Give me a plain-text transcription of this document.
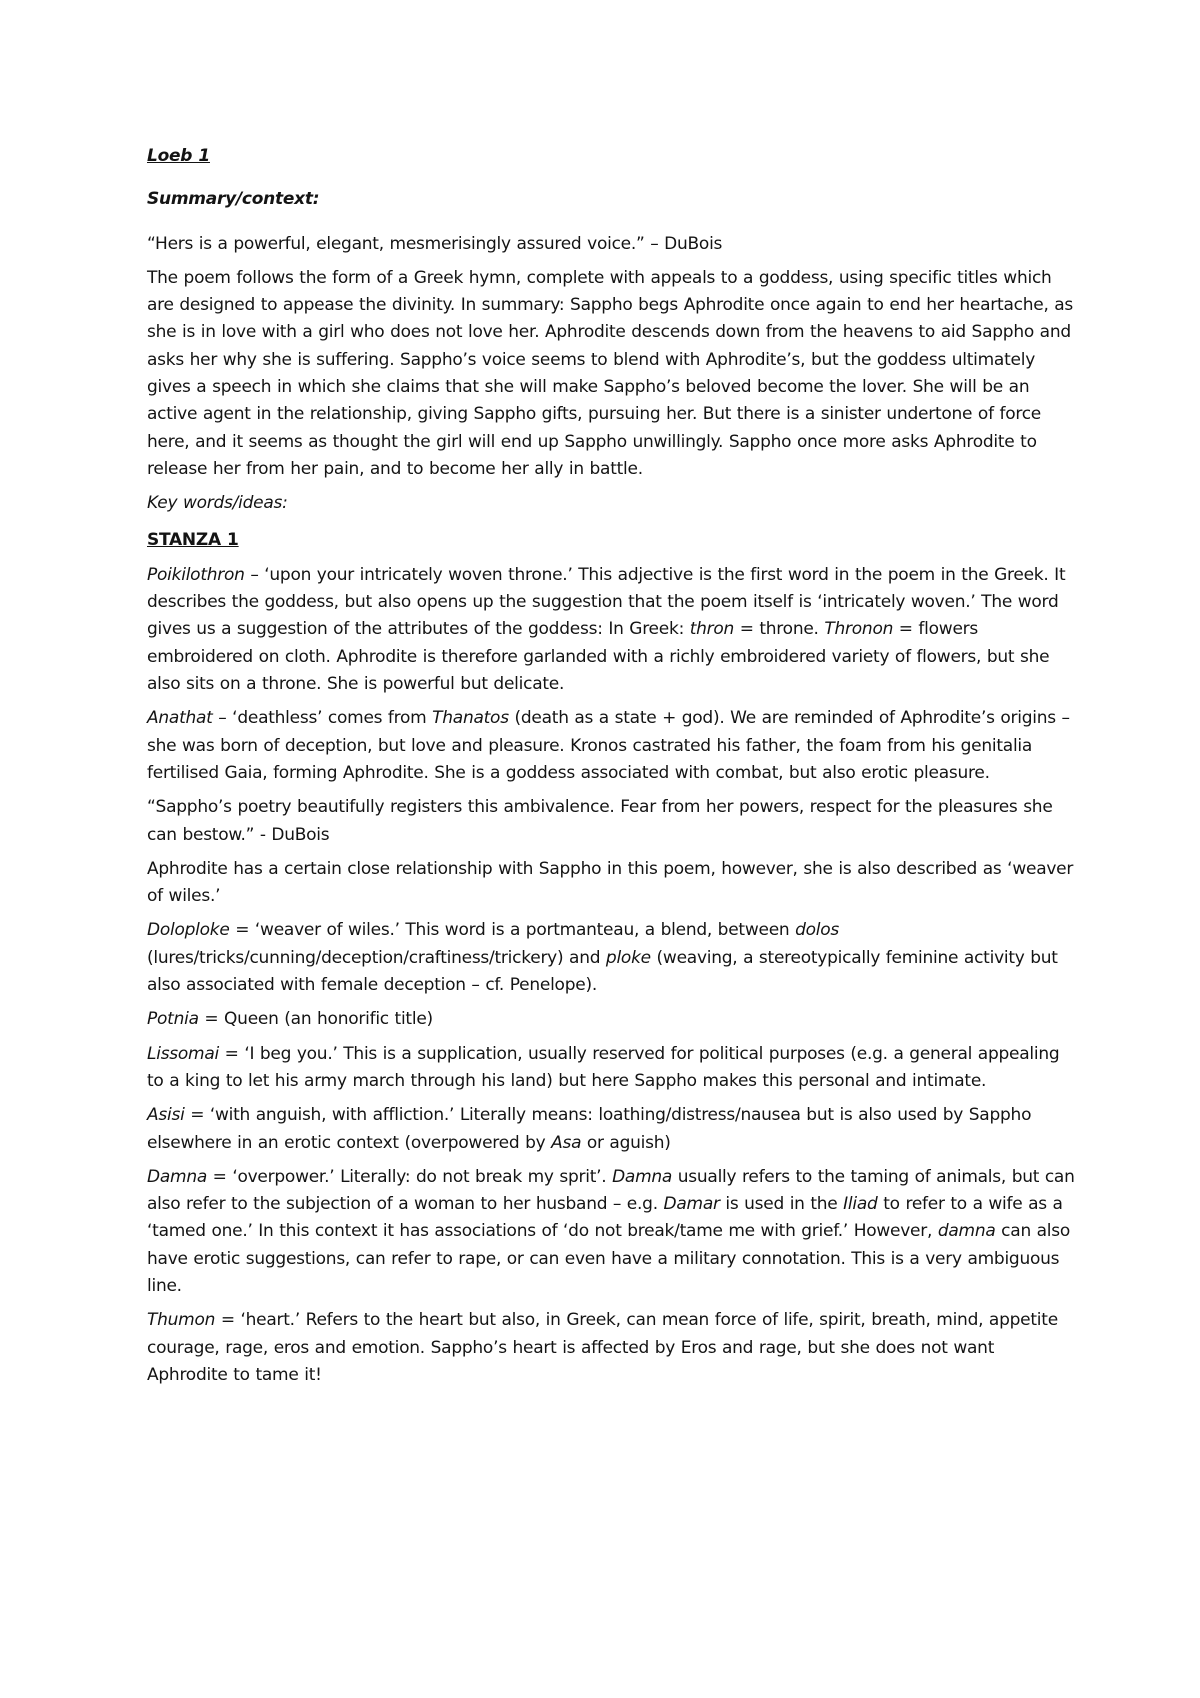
Loeb 1

Summary/context:

“Hers is a powerful, elegant, mesmerisingly assured voice.” – DuBois

The poem follows the form of a Greek hymn, complete with appeals to a goddess, using specific titles which are designed to appease the divinity. In summary: Sappho begs Aphrodite once again to end her heartache, as she is in love with a girl who does not love her. Aphrodite descends down from the heavens to aid Sappho and asks her why she is suffering. Sappho’s voice seems to blend with Aphrodite’s, but the goddess ultimately gives a speech in which she claims that she will make Sappho’s beloved become the lover. She will be an active agent in the relationship, giving Sappho gifts, pursuing her. But there is a sinister undertone of force here, and it seems as thought the girl will end up Sappho unwillingly. Sappho once more asks Aphrodite to release her from her pain, and to become her ally in battle.

Key words/ideas:

STANZA 1

Poikilothron – ‘upon your intricately woven throne.’ This adjective is the first word in the poem in the Greek. It describes the goddess, but also opens up the suggestion that the poem itself is ‘intricately woven.’ The word gives us a suggestion of the attributes of the goddess: In Greek: thron = throne. Thronon = flowers embroidered on cloth. Aphrodite is therefore garlanded with a richly embroidered variety of flowers, but she also sits on a throne. She is powerful but delicate.

Anathat – ‘deathless’ comes from Thanatos (death as a state + god). We are reminded of Aphrodite’s origins – she was born of deception, but love and pleasure. Kronos castrated his father, the foam from his genitalia fertilised Gaia, forming Aphrodite. She is a goddess associated with combat, but also erotic pleasure.

“Sappho’s poetry beautifully registers this ambivalence. Fear from her powers, respect for the pleasures she can bestow.” - DuBois

Aphrodite has a certain close relationship with Sappho in this poem, however, she is also described as ‘weaver of wiles.’

Doloploke = ‘weaver of wiles.’ This word is a portmanteau, a blend, between dolos (lures/tricks/cunning/deception/craftiness/trickery) and ploke (weaving, a stereotypically feminine activity but also associated with female deception – cf. Penelope).

Potnia = Queen (an honorific title)

Lissomai = ‘I beg you.’ This is a supplication, usually reserved for political purposes (e.g. a general appealing to a king to let his army march through his land) but here Sappho makes this personal and intimate.

Asisi = ‘with anguish, with affliction.’ Literally means: loathing/distress/nausea but is also used by Sappho elsewhere in an erotic context (overpowered by Asa or aguish)

Damna = ‘overpower.’ Literally: do not break my sprit’. Damna usually refers to the taming of animals, but can also refer to the subjection of a woman to her husband – e.g. Damar is used in the Iliad to refer to a wife as a ‘tamed one.’ In this context it has associations of ‘do not break/tame me with grief.’ However, damna can also have erotic suggestions, can refer to rape, or can even have a military connotation. This is a very ambiguous line.

Thumon = ‘heart.’ Refers to the heart but also, in Greek, can mean force of life, spirit, breath, mind, appetite courage, rage, eros and emotion. Sappho’s heart is affected by Eros and rage, but she does not want Aphrodite to tame it!
